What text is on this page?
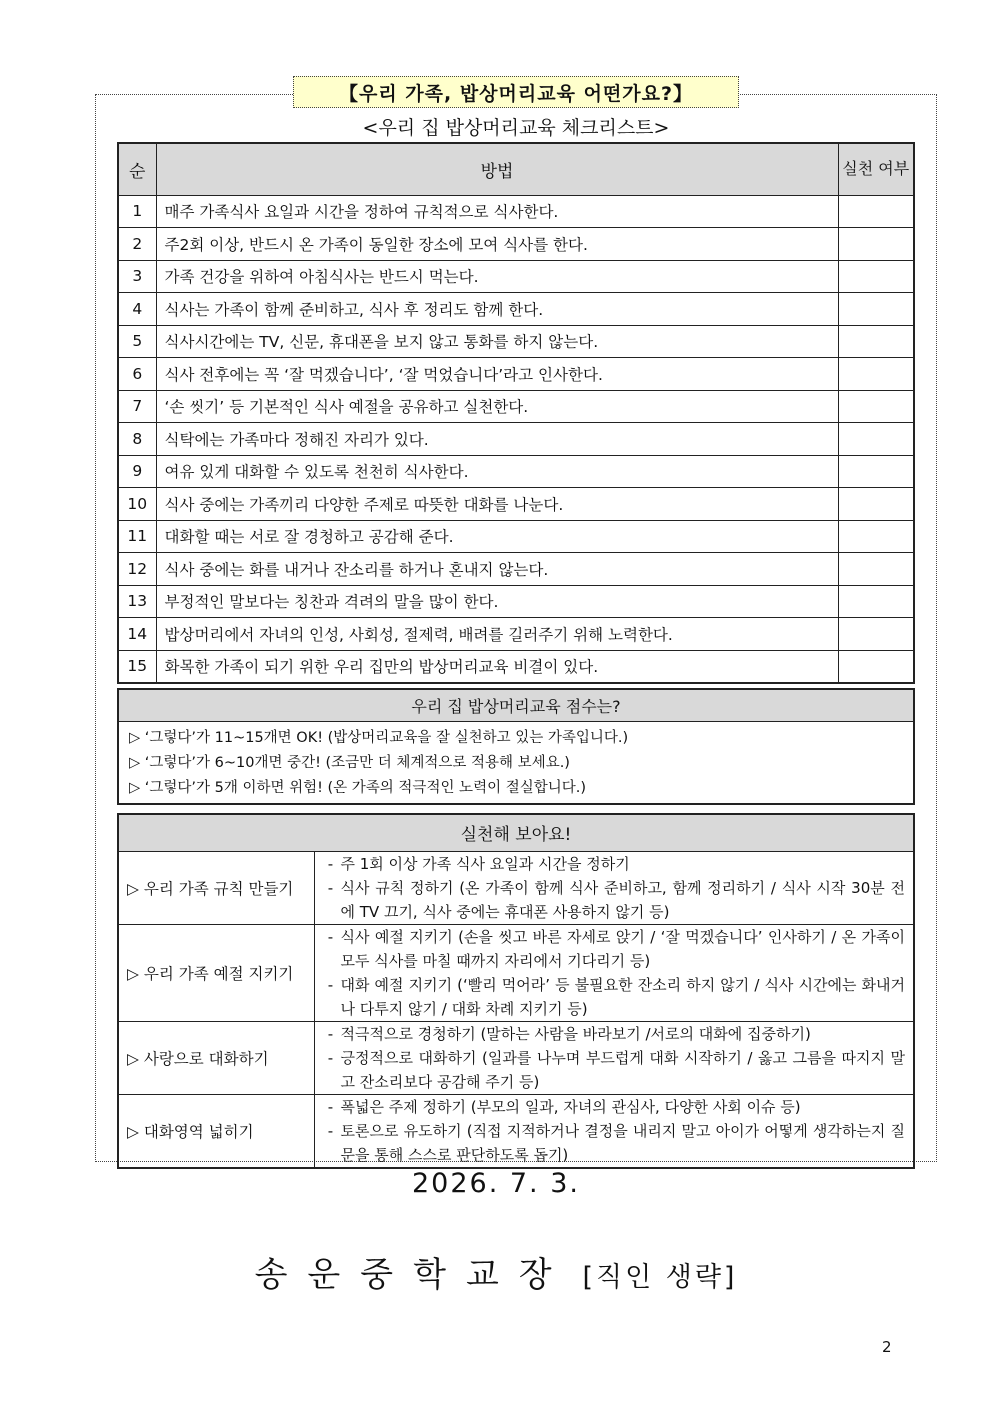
【우리 가족, 밥상머리교육 어떤가요?】
<우리 집 밥상머리교육 체크리스트>
순	방법	실천 여부
1	매주 가족식사 요일과 시간을 정하여 규칙적으로 식사한다.	
2	주2회 이상, 반드시 온 가족이 동일한 장소에 모여 식사를 한다.	
3	가족 건강을 위하여 아침식사는 반드시 먹는다.	
4	식사는 가족이 함께 준비하고, 식사 후 정리도 함께 한다.	
5	식사시간에는 TV, 신문, 휴대폰을 보지 않고 통화를 하지 않는다.	
6	식사 전후에는 꼭 ‘잘 먹겠습니다’, ‘잘 먹었습니다’라고 인사한다.	
7	‘손 씻기’ 등 기본적인 식사 예절을 공유하고 실천한다.	
8	식탁에는 가족마다 정해진 자리가 있다.	
9	여유 있게 대화할 수 있도록 천천히 식사한다.	
10	식사 중에는 가족끼리 다양한 주제로 따뜻한 대화를 나눈다.	
11	대화할 때는 서로 잘 경청하고 공감해 준다.	
12	식사 중에는 화를 내거나 잔소리를 하거나 혼내지 않는다.	
13	부정적인 말보다는 칭찬과 격려의 말을 많이 한다.	
14	밥상머리에서 자녀의 인성, 사회성, 절제력, 배려를 길러주기 위해 노력한다.	
15	화목한 가족이 되기 위한 우리 집만의 밥상머리교육 비결이 있다.	
우리 집 밥상머리교육 점수는?
▷ ‘그렇다’가 11~15개면 OK! (밥상머리교육을 잘 실천하고 있는 가족입니다.)
▷ ‘그렇다’가 6~10개면 중간! (조금만 더 체계적으로 적용해 보세요.)
▷ ‘그렇다’가 5개 이하면 위험! (온 가족의 적극적인 노력이 절실합니다.)
실천해 보아요!	
▷ 우리 가족 규칙 만들기	- 주 1회 이상 가족 식사 요일과 시간을 정하기
- 식사 규칙 정하기 (온 가족이 함께 식사 준비하고, 함께 정리하기 / 식사 시작 30분 전에 TV 끄기, 식사 중에는 휴대폰 사용하지 않기 등)

▷ 우리 가족 예절 지키기	- 식사 예절 지키기 (손을 씻고 바른 자세로 앉기 / ‘잘 먹겠습니다’ 인사하기 / 온 가족이 모두 식사를 마칠 때까지 자리에서 기다리기 등)
- 대화 예절 지키기 (‘빨리 먹어라’ 등 불필요한 잔소리 하지 않기 / 식사 시간에는 화내거나 다투지 않기 / 대화 차례 지키기 등)

▷ 사랑으로 대화하기	- 적극적으로 경청하기 (말하는 사람을 바라보기 /서로의 대화에 집중하기)
- 긍정적으로 대화하기 (일과를 나누며 부드럽게 대화 시작하기 / 옳고 그름을 따지지 말고 잔소리보다 공감해 주기 등)

▷ 대화영역 넓히기	- 폭넓은 주제 정하기 (부모의 일과, 자녀의 관심사, 다양한 사회 이슈 등)
- 토론으로 유도하기 (직접 지적하거나 결정을 내리지 말고 아이가 어떻게 생각하는지 질문을 통해 스스로 판단하도록 돕기)
2026. 7. 3.
송운중학교장 [직인 생략]
2
